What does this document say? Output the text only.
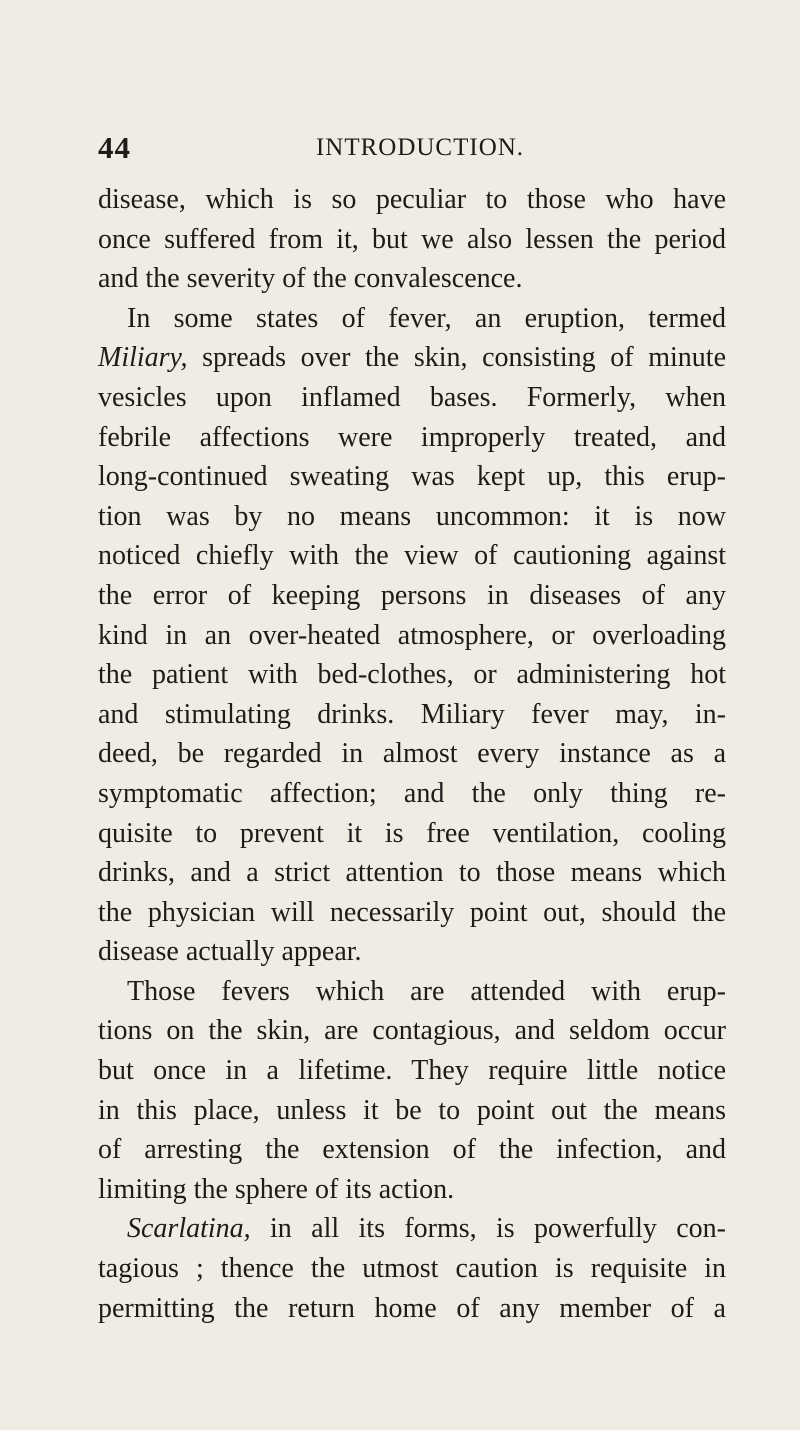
44	INTRODUCTION.
disease, which is so peculiar to those who have
once suffered from it, but we also lessen the period
and the severity of the convalescence.
In some states of fever, an eruption, termed
Miliary, spreads over the skin, consisting of minute
vesicles upon inflamed bases. Formerly, when
febrile affections were improperly treated, and
long-continued sweating was kept up, this erup-
tion was by no means uncommon: it is now
noticed chiefly with the view of cautioning against
the error of keeping persons in diseases of any
kind in an over-heated atmosphere, or overloading
the patient with bed-clothes, or administering hot
and stimulating drinks. Miliary fever may, in-
deed, be regarded in almost every instance as a
symptomatic affection; and the only thing re-
quisite to prevent it is free ventilation, cooling
drinks, and a strict attention to those means which
the physician will necessarily point out, should the
disease actually appear.
Those fevers which are attended with erup-
tions on the skin, are contagious, and seldom occur
but once in a lifetime. They require little notice
in this place, unless it be to point out the means
of arresting the extension of the infection, and
limiting the sphere of its action.
Scarlatina, in all its forms, is powerfully con-
tagious ; thence the utmost caution is requisite in
permitting the return home of any member of a
